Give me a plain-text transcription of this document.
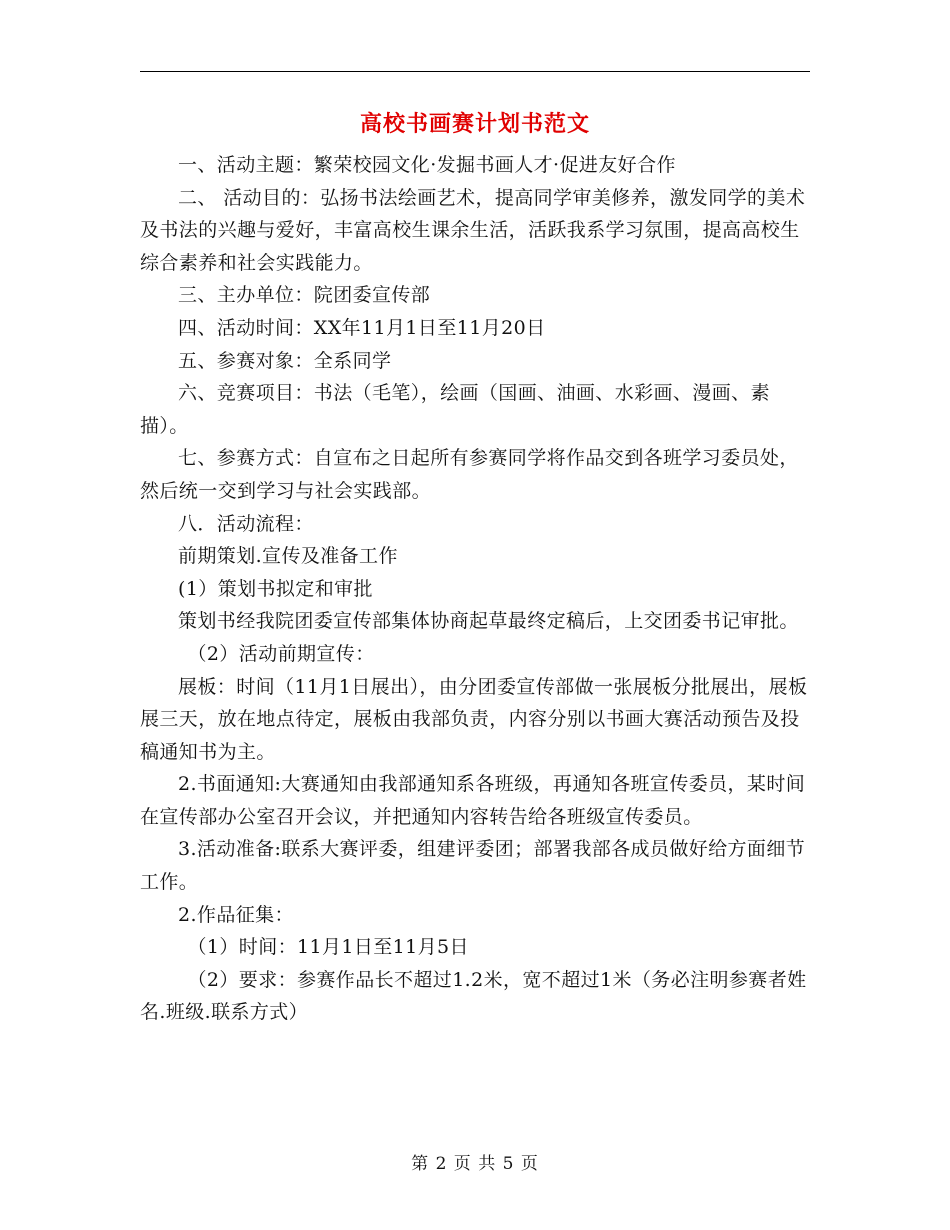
高校书画赛计划书范文

一、活动主题：繁荣校园文化·发掘书画人才·促进友好合作

二、 活动目的：弘扬书法绘画艺术，提高同学审美修养，激发同学的美术及书法的兴趣与爱好，丰富高校生课余生活，活跃我系学习氛围，提高高校生综合素养和社会实践能力。

三、主办单位：院团委宣传部

四、活动时间：XX年11月1日至11月20日

五、参赛对象：全系同学

六、竞赛项目：书法（毛笔），绘画（国画、油画、水彩画、漫画、素描）。

七、参赛方式：自宣布之日起所有参赛同学将作品交到各班学习委员处，然后统一交到学习与社会实践部。

八．活动流程：

前期策划.宣传及准备工作

(1）策划书拟定和审批

策划书经我院团委宣传部集体协商起草最终定稿后，上交团委书记审批。

（2）活动前期宣传：

展板：时间（11月1日展出），由分团委宣传部做一张展板分批展出，展板展三天，放在地点待定，展板由我部负责，内容分别以书画大赛活动预告及投稿通知书为主。

2.书面通知:大赛通知由我部通知系各班级，再通知各班宣传委员，某时间在宣传部办公室召开会议，并把通知内容转告给各班级宣传委员。

3.活动准备:联系大赛评委，组建评委团；部署我部各成员做好给方面细节工作。

2.作品征集：

（1）时间：11月1日至11月5日

（2）要求：参赛作品长不超过1.2米，宽不超过1米（务必注明参赛者姓名.班级.联系方式）

第 2 页 共 5 页
